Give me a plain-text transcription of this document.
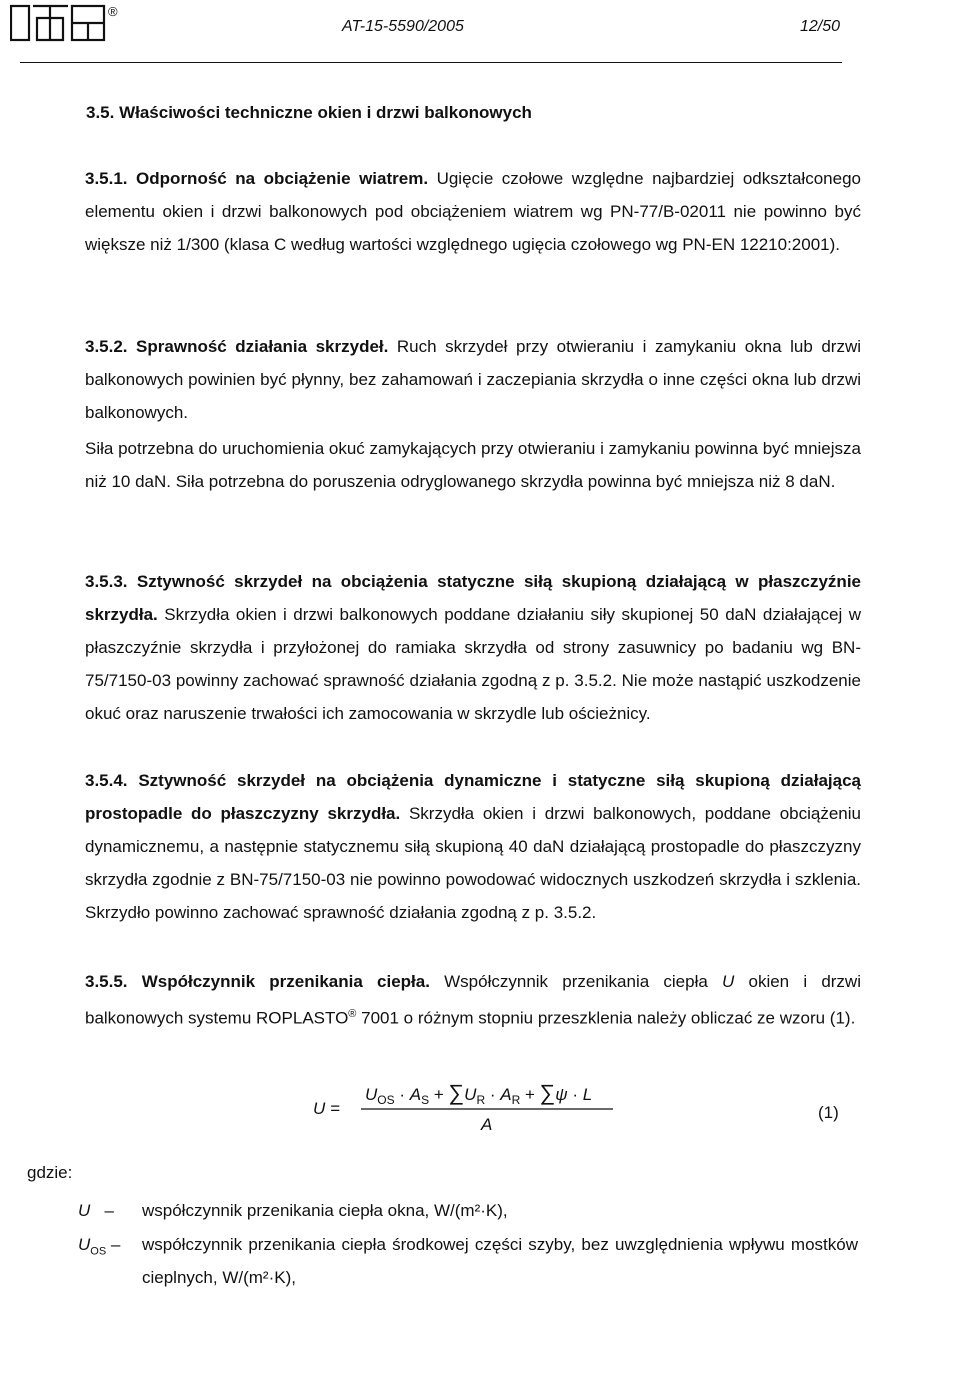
®
AT-15-5590/2005	12/50
3.5. Właściwości techniczne okien i drzwi balkonowych

3.5.1. Odporność na obciążenie wiatrem. Ugięcie czołowe względne najbardziej odkształconego elementu okien i drzwi balkonowych pod obciążeniem wiatrem wg PN-77/B-02011 nie powinno być większe niż 1/300 (klasa C według wartości względnego ugięcia czołowego wg PN-EN 12210:2001).

3.5.2. Sprawność działania skrzydeł. Ruch skrzydeł przy otwieraniu i zamykaniu okna lub drzwi balkonowych powinien być płynny, bez zahamowań i zaczepiania skrzydła o inne części okna lub drzwi balkonowych.

Siła potrzebna do uruchomienia okuć zamykających przy otwieraniu i zamykaniu powinna być mniejsza niż 10 daN. Siła potrzebna do poruszenia odryglowanego skrzydła powinna być mniejsza niż 8 daN.

3.5.3. Sztywność skrzydeł na obciążenia statyczne siłą skupioną działającą w płaszczyźnie skrzydła. Skrzydła okien i drzwi balkonowych poddane działaniu siły skupionej 50 daN działającej w płaszczyźnie skrzydła i przyłożonej do ramiaka skrzydła od strony zasuwnicy po badaniu wg BN-75/7150-03 powinny zachować sprawność działania zgodną z p. 3.5.2. Nie może nastąpić uszkodzenie okuć oraz naruszenie trwałości ich zamocowania w skrzydle lub ościeżnicy.

3.5.4. Sztywność skrzydeł na obciążenia dynamiczne i statyczne siłą skupioną działającą prostopadle do płaszczyzny skrzydła. Skrzydła okien i drzwi balkonowych, poddane obciążeniu dynamicznemu, a następnie statycznemu siłą skupioną 40 daN działającą prostopadle do płaszczyzny skrzydła zgodnie z BN-75/7150-03 nie powinno powodować widocznych uszkodzeń skrzydła i szklenia. Skrzydło powinno zachować sprawność działania zgodną z p. 3.5.2.

3.5.5. Współczynnik przenikania ciepła. Współczynnik przenikania ciepła U okien i drzwi balkonowych systemu ROPLASTO® 7001 o różnym stopniu przeszklenia należy obliczać ze wzoru (1).

U =
$U_{OS} \cdot A_S + \sum U_R \cdot A_R + \sum\psi \cdot L$
A
(1)
gdzie:
U   – współczynnik przenikania ciepła okna, W/(m²·K),
$U_{OS}$ –	współczynnik przenikania ciepła środkowej części szyby, bez uwzględnienia wpływu mostków cieplnych, W/(m²·K),
